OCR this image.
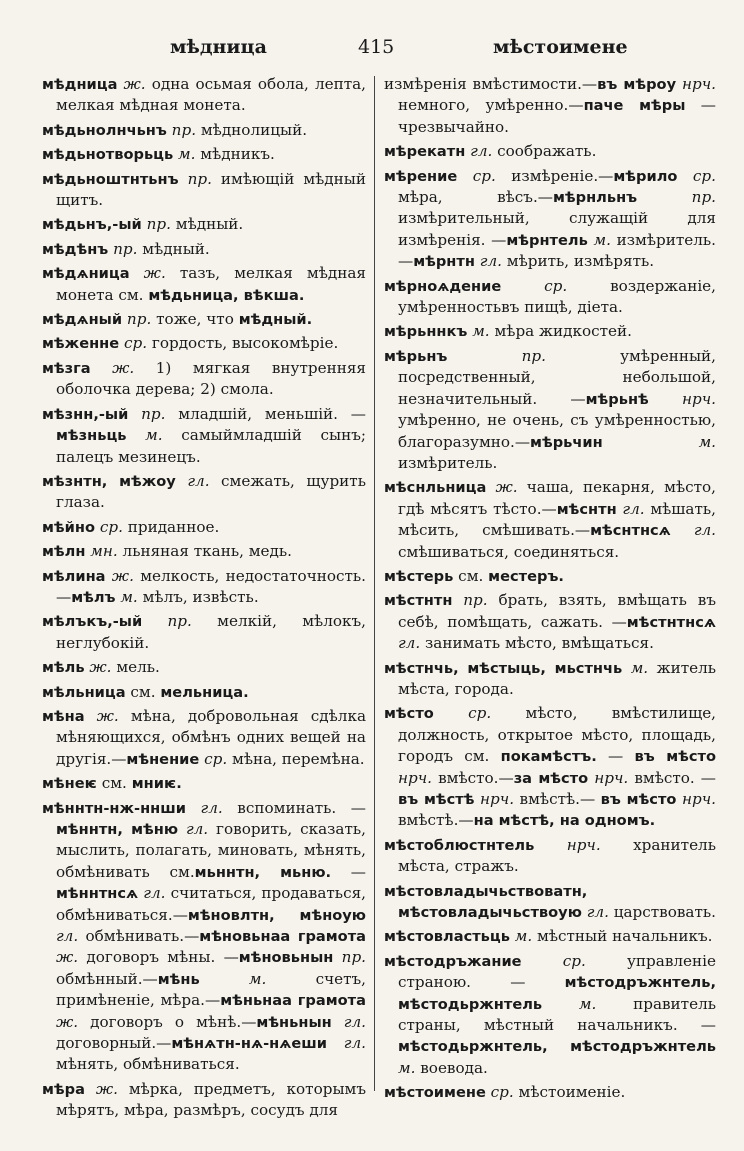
мѣдница	415	мѣстоимене

мѣдница ж. одна осьмая обола, лепта, мелкая мѣдная монета.

мѣдьнолнчьнъ пр. мѣднолицый.

мѣдьнотворьць м. мѣдникъ.

мѣдьноштнтьнъ пр. имѣющій мѣдный щитъ.

мѣдьнъ,-ый пр. мѣдный.

мѣдѣнъ пр. мѣдный.

мѣдѧница ж. тазъ, мелкая мѣдная монета см. мѣдьница, вѣкша.

мѣдѧный пр. тоже, что мѣдный.

мѣженне ср. гордость, высокомѣріе.

мѣзга ж. 1) мягкая внутренняя оболочка дерева; 2) смола.

мѣзнн,-ый пр. младшій, меньшій. —мѣзньць м. самыймладшій сынъ; палецъ мезинецъ.

мѣзнтн, мѣжоу гл. смежать, щурить глаза.

мѣйно ср. приданное.

мѣлн мн. льняная ткань, медь.

мѣлина ж. мелкость, недостаточность.—мѣлъ м. мѣлъ, извѣсть.

мѣлъкъ,-ый пр. мелкій, мѣлокъ, неглубокій.

мѣль ж. мель.

мѣльница см. мельница.

мѣна ж. мѣна, добровольная сдѣлка мѣняющихся, обмѣнъ одних вещей на другія.—мѣнение ср. мѣна, перемѣна.

мѣнеѥ см. мниѥ.

мѣннтн-нж-ннши гл. вспоминать. —мѣннтн, мѣню гл. говорить, сказать, мыслить, полагать, миновать, мѣнять, обмѣнивать см.мьннтн, мьню. —мѣннтнсѧ гл. считаться, продаваться, обмѣниваться.—мѣновлтн, мѣноую гл. обмѣнивать.—мѣновьнаа грамота ж. договоръ мѣны. —мѣновьнын пр. обмѣнный.—мѣнь м. счетъ, примѣненіе, мѣра.—мѣньнаа грамота ж. договоръ о мѣнѣ.—мѣньнын гл. договорный.—мѣнѧтн-нѧ-нѧеши гл. мѣнять, обмѣниваться.

мѣра ж. мѣрка, предметъ, которымъ мѣрятъ, мѣра, размѣръ, сосудъ для

измѣренія вмѣстимости.—въ мѣроу нрч. немного, умѣренно.—паче мѣры —чрезвычайно.

мѣрекатн гл. соображать.

мѣрение ср. измѣреніе.—мѣрило ср. мѣра, вѣсъ.—мѣрнльнъ пр. измѣрительный, служащій для измѣренія. —мѣрнтель м. измѣритель.—мѣрнтн гл. мѣрить, измѣрять.

мѣрноѧдение ср. воздержаніе, умѣренностьвъ пищѣ, діета.

мѣрьннкъ м. мѣра жидкостей.

мѣрьнъ пр. умѣренный, посредственный, небольшой, незначительный. —мѣрьнѣ нрч. умѣренно, не очень, съ умѣренностью, благоразумно.—мѣрьчин м. измѣритель.

мѣснльница ж. чаша, пекарня, мѣсто, гдѣ мѣсятъ тѣсто.—мѣснтн гл. мѣшать, мѣсить, смѣшивать.—мѣснтнсѧ гл. смѣшиваться, соединяться.

мѣстерь см. местеръ.

мѣстнтн пр. брать, взять, вмѣщать въ себѣ, помѣщать, сажать. —мѣстнтнсѧ гл. занимать мѣсто, вмѣщаться.

мѣстнчь, мѣстыць, мьстнчь м. житель мѣста, города.

мѣсто ср. мѣсто, вмѣстилище, должность, открытое мѣсто, площадь, городъ см. покамѣстъ. — въ мѣсто нрч. вмѣсто.—за мѣсто нрч. вмѣсто. —въ мѣстѣ нрч. вмѣстѣ.— въ мѣсто нрч. вмѣстѣ.—на мѣстѣ, на одномъ.

мѣстоблюстнтель нрч. хранитель мѣста, стражъ.

мѣстовладычьствоватн, мѣстовладычьствоую гл. царствовать.

мѣстовластьць м. мѣстный начальникъ.

мѣстодръжание ср. управленіе страною. — мѣстодръжнтель, мѣстодьржнтель м. правитель страны, мѣстный начальникъ. — мѣстодьржнтель, мѣстодръжнтель м. воевода.

мѣстоимене ср. мѣстоименіе.
